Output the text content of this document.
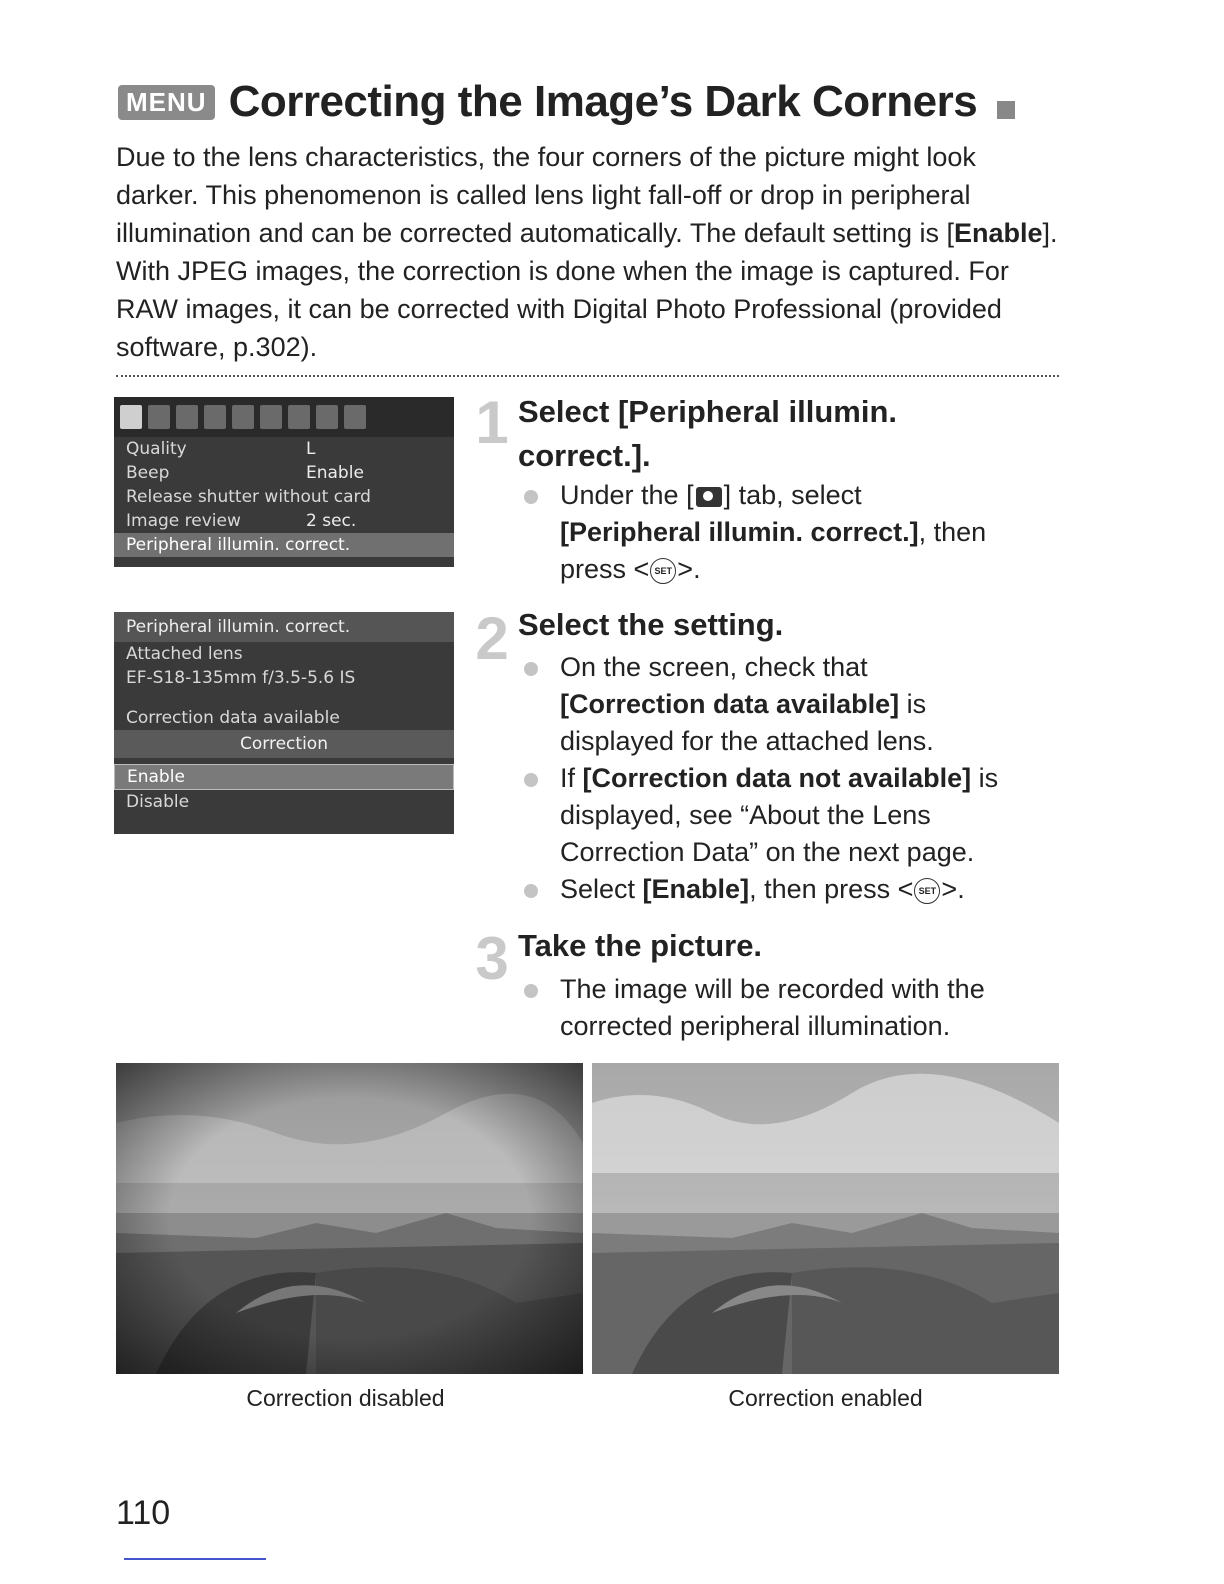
MENU Correcting the Image’s Dark Corners

Due to the lens characteristics, the four corners of the picture might look darker. This phenomenon is called lens light fall-off or drop in peripheral illumination and can be corrected automatically. The default setting is [Enable]. With JPEG images, the correction is done when the image is captured. For RAW images, it can be corrected with Digital Photo Professional (provided software, p.302).

Quality	L
Beep	Enable
Release shutter without card
Image review	2 sec.
Peripheral illumin. correct.
Peripheral illumin. correct.
Attached lens
EF-S18-135mm f/3.5-5.6 IS
Correction data available
Correction
Enable
Disable
1 Select [Peripheral illumin.
correct.].
Under the [ ] tab, select
[Peripheral illumin. correct.], then
press < SET >.
2 Select the setting.
On the screen, check that
[Correction data available] is
displayed for the attached lens.
If [Correction data not available] is displayed, see “About the Lens Correction Data” on the next page.
Select [Enable], then press < SET >.
3 Take the picture.
The image will be recorded with the corrected peripheral illumination.
Correction disabled	Correction enabled
110
